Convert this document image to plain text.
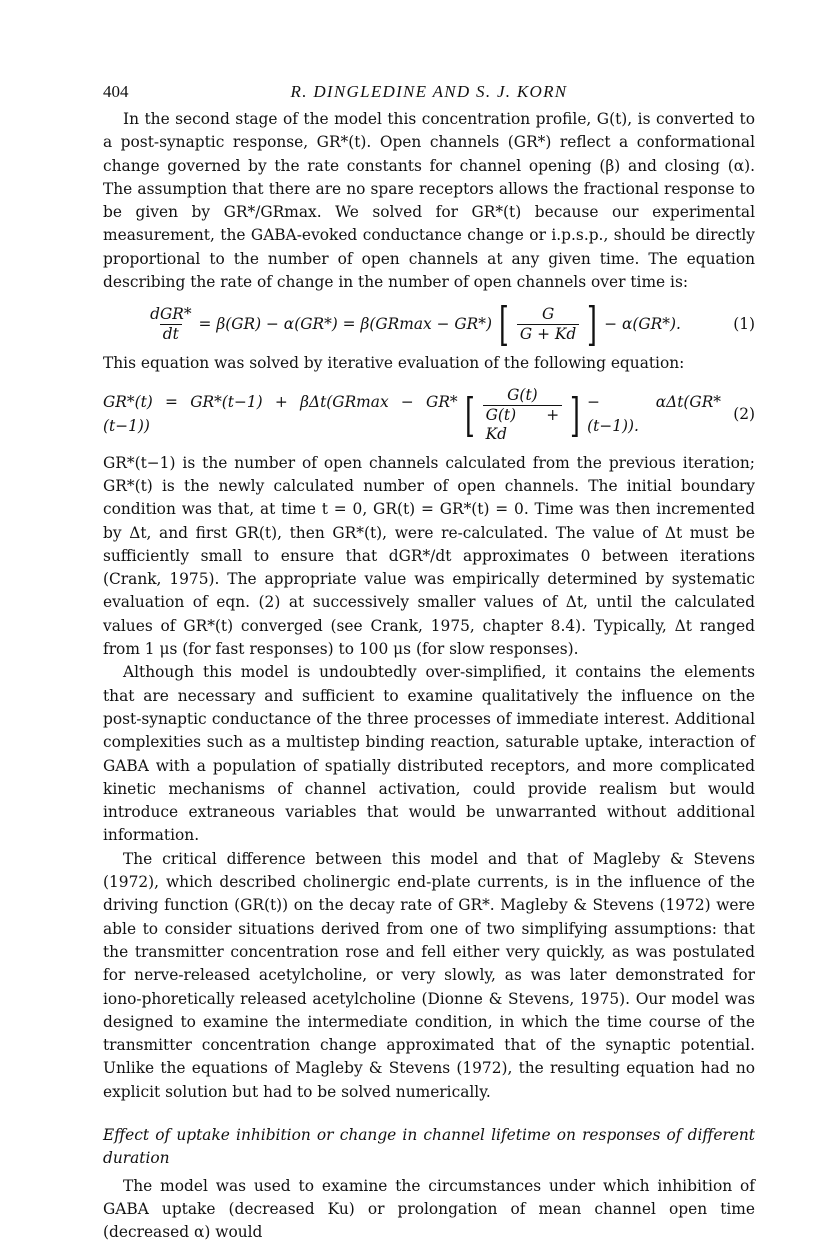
404	R. DINGLEDINE AND S. J. KORN

In the second stage of the model this concentration profile, G(t), is converted to a post-synaptic response, GR*(t). Open channels (GR*) reflect a conformational change governed by the rate constants for channel opening (β) and closing (α). The assumption that there are no spare receptors allows the fractional response to be given by GR*/GRmax. We solved for GR*(t) because our experimental measurement, the GABA-evoked conductance change or i.p.s.p., should be directly proportional to the number of open channels at any given time. The equation describing the rate of change in the number of open channels over time is:

$\frac{\text{dGR*}}{dt} = \beta(GR) - \alpha(GR*) = \beta(GRmax - GR*)$ [ $\frac{G}{G + Kd}$ ] − α(GR*).	(1)

This equation was solved by iterative evaluation of the following equation:

GR*(t) = GR*(t−1) + βΔt(GRmax − GR*(t−1))	[ $\frac{G(t)}{G(t) + Kd}$ ] − αΔt(GR*(t−1)).
(2)

GR*(t−1) is the number of open channels calculated from the previous iteration; GR*(t) is the newly calculated number of open channels. The initial boundary condition was that, at time t = 0, GR(t) = GR*(t) = 0. Time was then incremented by Δt, and first GR(t), then GR*(t), were re-calculated. The value of Δt must be sufficiently small to ensure that dGR*/dt approximates 0 between iterations (Crank, 1975). The appropriate value was empirically determined by systematic evaluation of eqn. (2) at successively smaller values of Δt, until the calculated values of GR*(t) converged (see Crank, 1975, chapter 8.4). Typically, Δt ranged from 1 μs (for fast responses) to 100 μs (for slow responses).

Although this model is undoubtedly over-simplified, it contains the elements that are necessary and sufficient to examine qualitatively the influence on the post-synaptic conductance of the three processes of immediate interest. Additional complexities such as a multistep binding reaction, saturable uptake, interaction of GABA with a population of spatially distributed receptors, and more complicated kinetic mechanisms of channel activation, could provide realism but would introduce extraneous variables that would be unwarranted without additional information.

The critical difference between this model and that of Magleby & Stevens (1972), which described cholinergic end-plate currents, is in the influence of the driving function (GR(t)) on the decay rate of GR*. Magleby & Stevens (1972) were able to consider situations derived from one of two simplifying assumptions: that the transmitter concentration rose and fell either very quickly, as was postulated for nerve-released acetylcholine, or very slowly, as was later demonstrated for iono-phoretically released acetylcholine (Dionne & Stevens, 1975). Our model was designed to examine the intermediate condition, in which the time course of the transmitter concentration change approximated that of the synaptic potential. Unlike the equations of Magleby & Stevens (1972), the resulting equation had no explicit solution but had to be solved numerically.

Effect of uptake inhibition or change in channel lifetime on responses of different duration

The model was used to examine the circumstances under which inhibition of GABA uptake (decreased Ku) or prolongation of mean channel open time (decreased α) would
